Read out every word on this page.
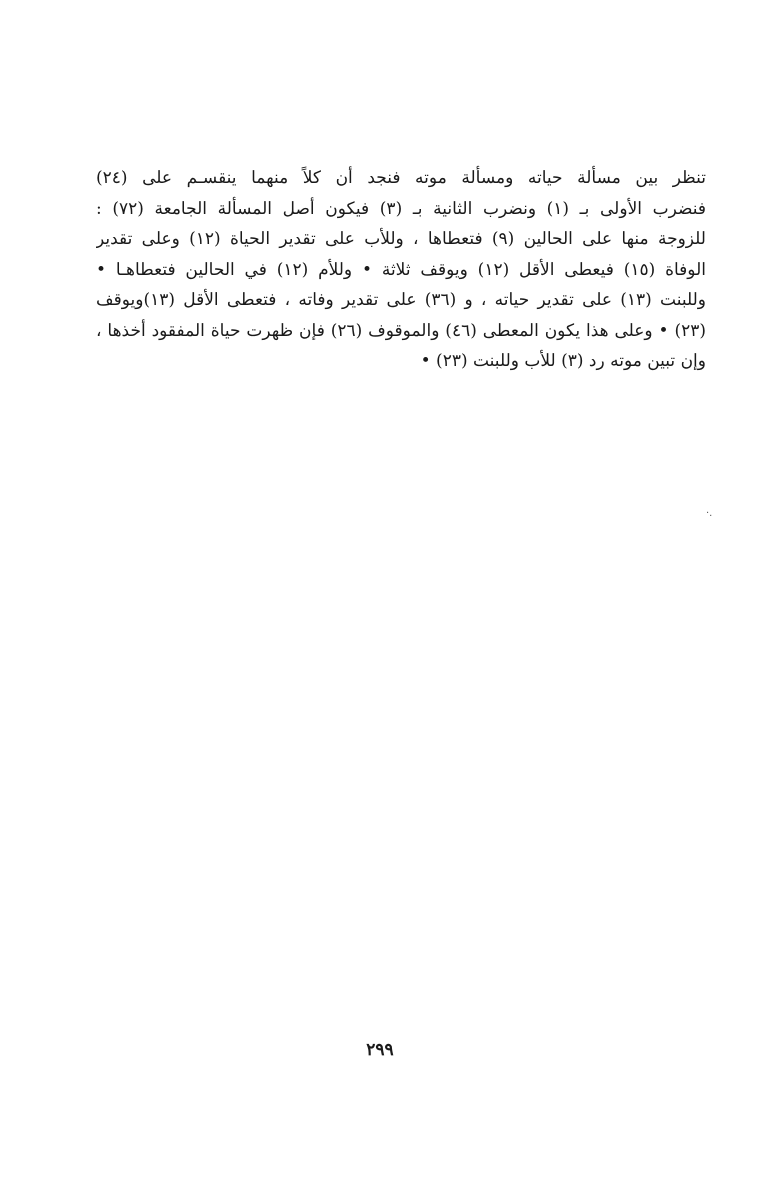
تنظر بين مسألة حياته ومسألة موته فنجد أن كلاً منهما ينقسـم على (٢٤)
فنضرب الأولى بـ (١) ونضرب الثانية بـ (٣) فيكون أصل المسألة الجامعة (٧٢) :
للزوجة منها على الحالين (٩) فتعطاها ، وللأب على تقدير الحياة (١٢) وعلى تقدير
الوفاة (١٥) فيعطى الأقل (١٢) ويوقف ثلاثة • وللأم (١٢) في الحالين فتعطاهـا •
وللبنت (١٣) على تقدير حياته ، و (٣٦) على تقدير وفاته ، فتعطى الأقل (١٣)ويوقف
(٢٣) • وعلى هذا يكون المعطى (٤٦) والموقوف (٢٦) فإن ظهرت حياة المفقود أخذها ،
وإن تبين موته رد (٣) للأب وللبنت (٢٣) •
·.
٢٩٩
